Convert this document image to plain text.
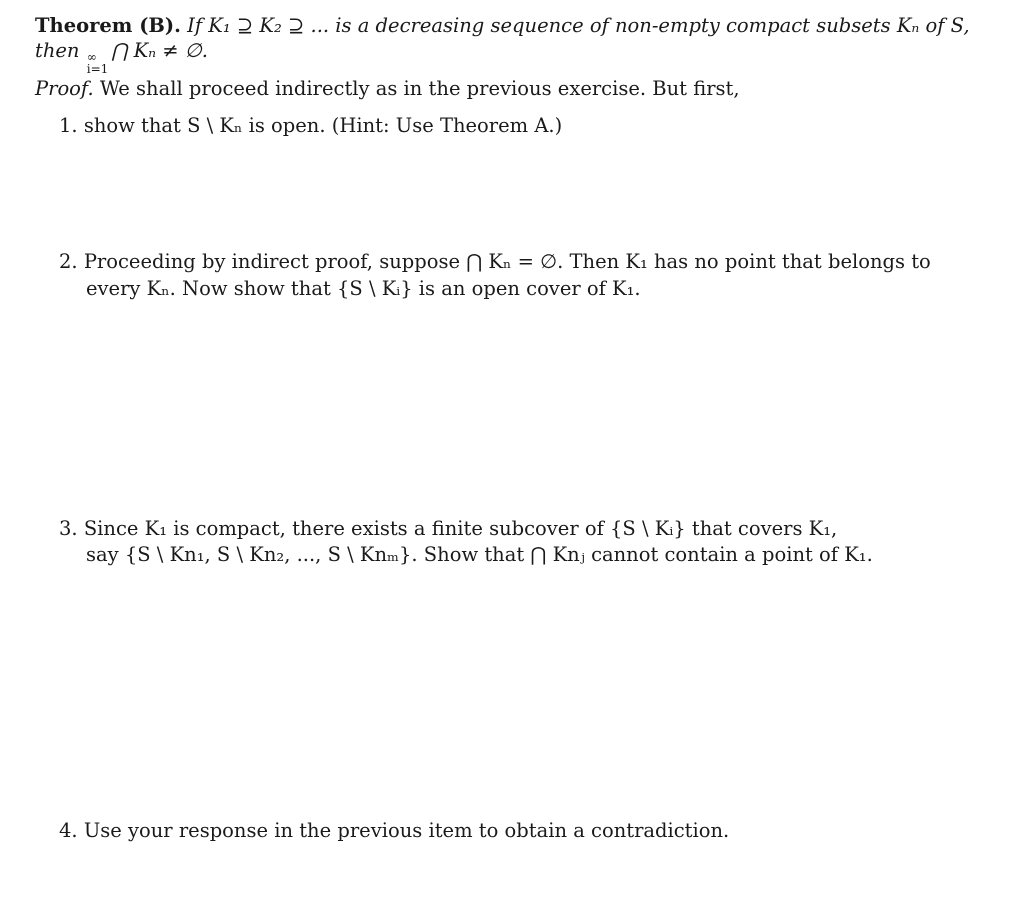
Theorem (B). If K₁ ⊇ K₂ ⊇ ... is a decreasing sequence of non-empty compact subsets Kₙ of S,
then ∞
i=1
⋂ Kₙ ≠ ∅.
Proof. We shall proceed indirectly as in the previous exercise. But first,
1. show that S \ Kₙ is open. (Hint: Use Theorem A.)
2. Proceeding by indirect proof, suppose ⋂ Kₙ = ∅. Then K₁ has no point that belongs to
every Kₙ. Now show that {S \ Kᵢ} is an open cover of K₁.
3. Since K₁ is compact, there exists a finite subcover of {S \ Kᵢ} that covers K₁,
say {S \ Kn₁, S \ Kn₂, ..., S \ Knₘ}. Show that ⋂ Knⱼ cannot contain a point of K₁.
4. Use your response in the previous item to obtain a contradiction.
